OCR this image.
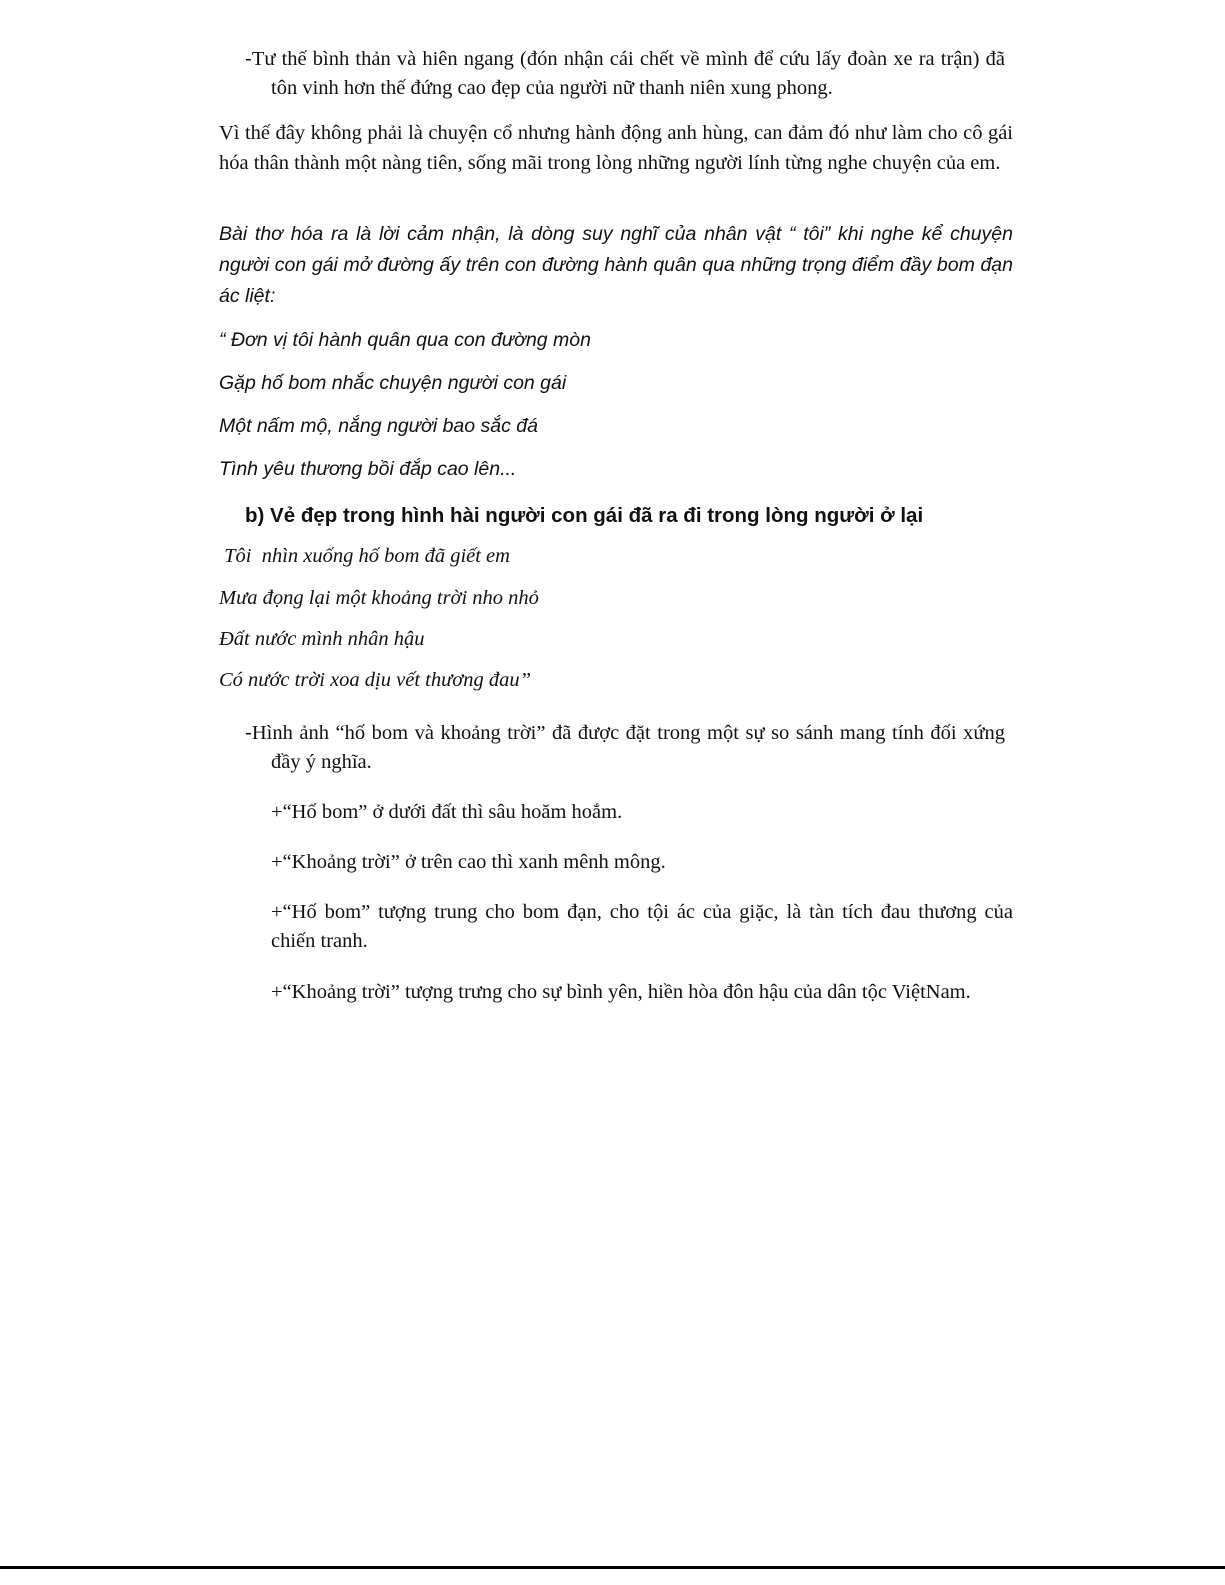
-Tư thế bình thản và hiên ngang (đón nhận cái chết về mình để cứu lấy đoàn xe ra trận) đã tôn vinh hơn thế đứng cao đẹp của người nữ thanh niên xung phong.

Vì thế đây không phải là chuyện cổ nhưng hành động anh hùng, can đảm đó như làm cho cô gái hóa thân thành một nàng tiên, sống mãi trong lòng những người lính từng nghe chuyện của em.

Bài thơ hóa ra là lời cảm nhận, là dòng suy nghĩ của nhân vật “ tôi” khi nghe kể chuyện người con gái mở đường ấy trên con đường hành quân qua những trọng điểm đầy bom đạn ác liệt:

“ Đơn vị tôi hành quân qua con đường mòn

Gặp hố bom nhắc chuyện người con gái

Một nấm mộ, nắng người bao sắc đá

Tình yêu thương bồi đắp cao lên...

b) Vẻ đẹp trong hình hài người con gái đã ra đi trong lòng người ở lại

Tôi  nhìn xuống hố bom đã giết em

Mưa đọng lại một khoảng trời nho nhỏ

Đất nước mình nhân hậu

Có nước trời xoa dịu vết thương đau”

-Hình ảnh “hố bom và khoảng trời” đã được đặt trong một sự so sánh mang tính đối xứng đầy ý nghĩa.

+“Hố bom” ở dưới đất thì sâu hoăm hoắm.

+“Khoảng trời” ở trên cao thì xanh mênh mông.

+“Hố bom” tượng trung cho bom đạn, cho tội ác của giặc, là tàn tích đau thương của chiến tranh.

+“Khoảng trời” tượng trưng cho sự bình yên, hiền hòa đôn hậu của dân tộc ViệtNam.
